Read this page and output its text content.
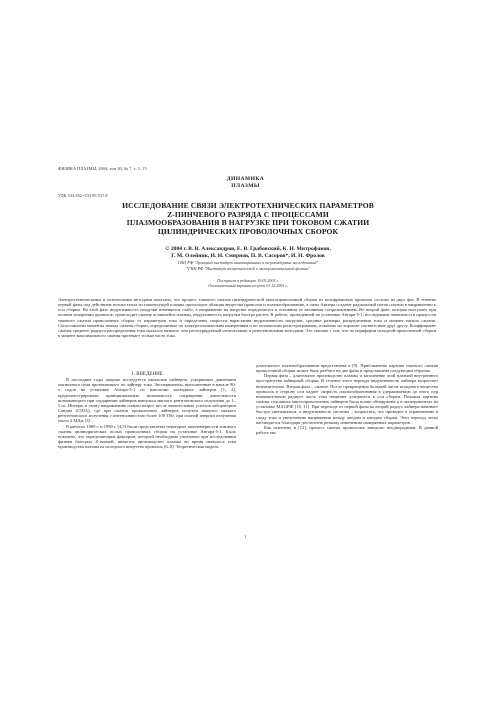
ФИЗИКА ПЛАЗМЫ, 2004, том 30, № 7, с. 1–15
ДИНАМИКА
ПЛАЗМЫ
УДК 533.952+533.95:537.8
ИССЛЕДОВАНИЕ СВЯЗИ ЭЛЕКТРОТЕХНИЧЕСКИХ ПАРАМЕТРОВ
Z-ПИНЧЕВОГО РАЗРЯДА С ПРОЦЕССАМИ
ПЛАЗМООБРАЗОВАНИЯ В НАГРУЗКЕ ПРИ ТОКОВОМ СЖАТИИ
ЦИЛИНДРИЧЕСКИХ ПРОВОЛОЧНЫХ СБОРОК
© 2004 г. В. В. Александров, Е. В. Грабовский, К. Н. Митрофанов,
Г. М. Олейник, И. Н. Смирнов, П. В. Сасоров*, И. Н. Фролов
ГНЦ РФ "Троицкий институт инновационных и термоядерных исследований"
*ГНЦ РФ "Институт теоретической и экспериментальной физики"
Поступила в редакцию 19.05.2003 г.
Окончательный вариант получен 01.12.2003 г.
Электротехническими и оптическими методами показано, что процесс токового сжатия цилиндрической многопроволочной сборки из вольфрамовых проволок состоит из двух фаз. В течение первой фазы под действием потока тепла из токонесущей плазмы происходит абляция вещества проволок и плазмообразование, а силы Ампера создают радиальный поток плазмы в направлении к оси сборки. На этой фазе индуктивность нагрузки изменяется слабо, а напряжение на нагрузке определяется в основном ее активным сопротивлением. Во второй фазе, которая наступает при полном испарении проволок, происходит сжатие оставшейся плазмы, индуктивность нагрузки быстро растет. В работе, проведенной на установке Ангара-5-1, исследованы зависимости процессов токового сжатия проволочных сборок от параметров тока и определены скорости нарастания индуктивности нагрузки, средние размеры распределения тока и момент начала сжатия. Сопоставлены моменты начала сжатия сборки, определяемые по электротехническим измерениям и по оптическим регистрограммам, показано их хорошее соответствие друг другу. Коэффициент сжатия среднего радиуса распределения тока оказался меньше, чем регистрируемый оптическими и рентгеновскими методами. Это связано с тем, что на периферии исходной проволочной сборки в момент максимального сжатия протекает только часть тока.

1. ВВЕДЕНИЕ

В последние годы широко исследуется имплозия лайнеров, ускоряемых давлением магнитного поля протекающего по лайнеру тока. Эксперименты, выполненные в начале 90-х годов на установке Ангара-5-1 по имплозии каскадных лайнеров [1, 2], продемонстрировали принципиальную возможность сокращения длительности возникающего при соударении лайнеров импульса мягкого рентгеновского излучения до 1–5 нс. Интерес к этому направлению сильно возрос после значительных успехов лаборатории Сандиа (США), где при сжатии проволочных лайнеров получен импульс мягкого рентгеновского излучения с интенсивностью более 100 ТВт, при полной энергии излучения около 2 МДж [3].

В работах 1989 г. и 1990 г. [4,5] были представлены некоторые закономерности токового сжатия цилиндрических полых проволочных сборок на установке Ангара-5-1. Было показано, что определяющим фактором, который необходимо учитывать при исследовании физики быстрых Z-пинчей, является производство плазмы во время импульса тока производства плазмы из исходного вещества проволок [6–8]. Теоретическая модель

длительного плазмообразования представлена в [9]. Приближенно картина токового сжатия проволочной сборки может быть разбита на две фазы и представлена следующим образом.

Первая фаза – длительное производство плазмы и заполнение этой плазмой внутреннего пространства лайнерной сборки. В течение этого периода индуктивность лайнера возрастает незначительно. Вторая фаза – сжатие. После прекращения большей части исходного вещества проволок в сторону оси падает скорость плазмообразования в удерживаемом до этого пор нижачательном радиусе часть тока начинает ускоряться к оси сборки. Похожая картина сжатия сплошных многопроволочных лайнеров была позже обнаружена и в экспериментах на установке MAGPIE [10, 11]. При переходе от первой фазы ко второй радиус лайнера начинает быстро уменьшаться, а индуктивность системы – возрастать, что приводит в ограничению в сходу тока и увеличению напряжения между анодом и катодом сборки. Этот переход легко наблюдается благодаря достаточно резкому изменению измеряемых параметров.

Как отмечено в [12], процесс сжатия проволочек заведомо неоднородным. В данной работе мы

1
